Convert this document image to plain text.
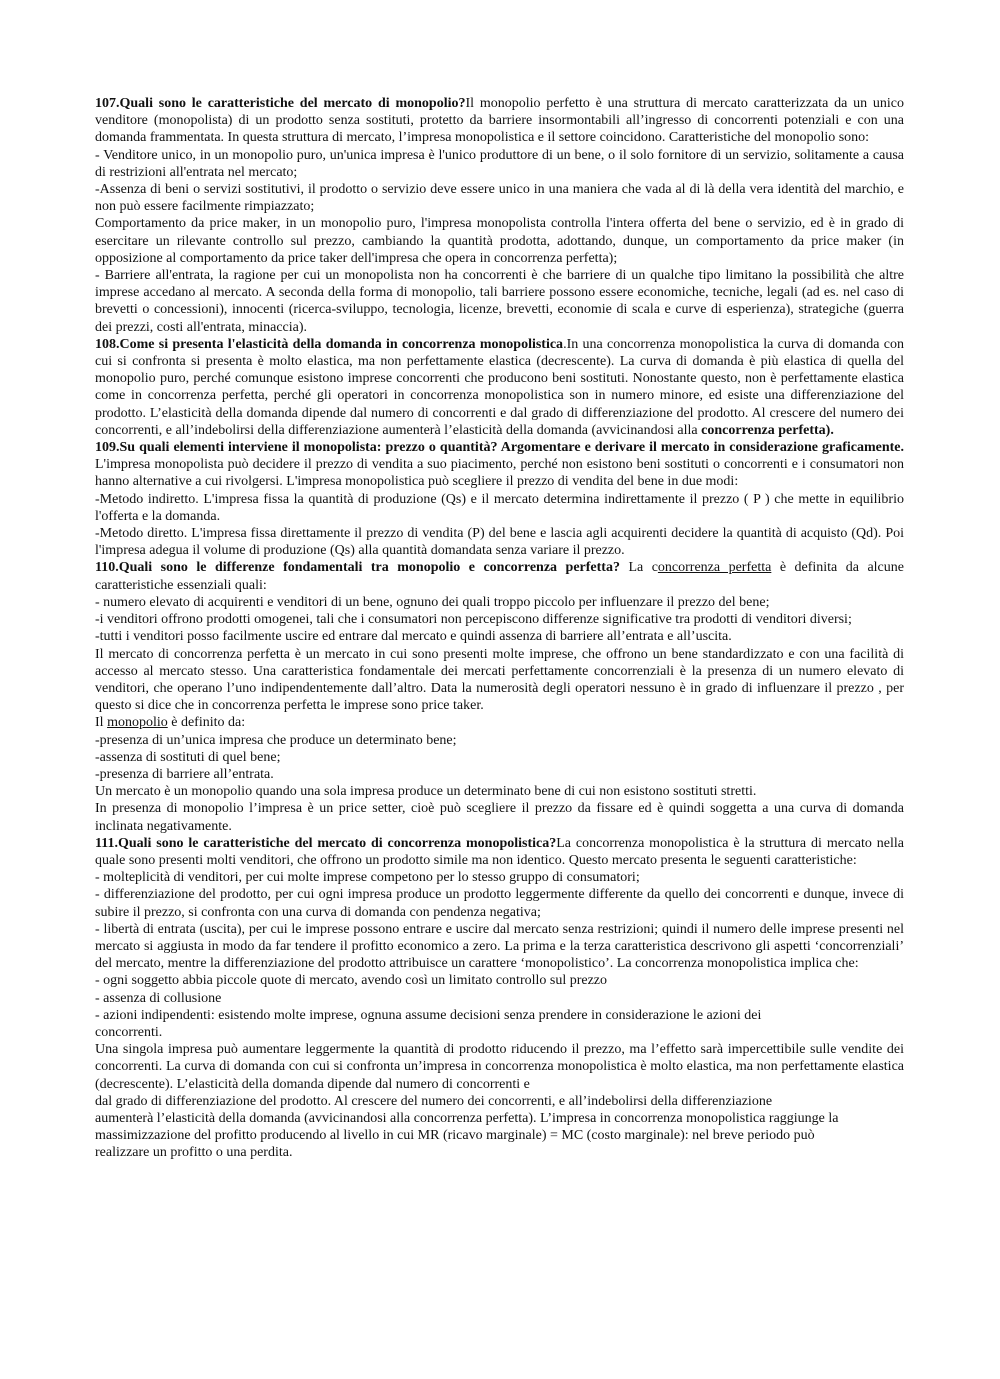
107.Quali sono le caratteristiche del mercato di monopolio?Il monopolio perfetto è una struttura di mercato caratterizzata da un unico venditore (monopolista) di un prodotto senza sostituti, protetto da barriere insormontabili all’ingresso di concorrenti potenziali e con una domanda frammentata. In questa struttura di mercato, l’impresa monopolistica e il settore coincidono. Caratteristiche del monopolio sono:

- Venditore unico, in un monopolio puro, un'unica impresa è l'unico produttore di un bene, o il solo fornitore di un servizio, solitamente a causa di restrizioni all'entrata nel mercato;

-Assenza di beni o servizi sostitutivi, il prodotto o servizio deve essere unico in una maniera che vada al di là della vera identità del marchio, e non può essere facilmente rimpiazzato;

Comportamento da price maker, in un monopolio puro, l'impresa monopolista controlla l'intera offerta del bene o servizio, ed è in grado di esercitare un rilevante controllo sul prezzo, cambiando la quantità prodotta, adottando, dunque, un comportamento da price maker (in opposizione al comportamento da price taker dell'impresa che opera in concorrenza perfetta);

- Barriere all'entrata, la ragione per cui un monopolista non ha concorrenti è che barriere di un qualche tipo limitano la possibilità che altre imprese accedano al mercato. A seconda della forma di monopolio, tali barriere possono essere economiche, tecniche, legali (ad es. nel caso di brevetti o concessioni), innocenti (ricerca-sviluppo, tecnologia, licenze, brevetti, economie di scala e curve di esperienza), strategiche (guerra dei prezzi, costi all'entrata, minaccia).

108.Come si presenta l'elasticità della domanda in concorrenza monopolistica.In una concorrenza monopolistica la curva di domanda con cui si confronta si presenta è molto elastica, ma non perfettamente elastica (decrescente). La curva di domanda è più elastica di quella del monopolio puro, perché comunque esistono imprese concorrenti che producono beni sostituti. Nonostante questo, non è perfettamente elastica come in concorrenza perfetta, perché gli operatori in concorrenza monopolistica son in numero minore, ed esiste una differenziazione del prodotto. L’elasticità della domanda dipende dal numero di concorrenti e dal grado di differenziazione del prodotto. Al crescere del numero dei concorrenti, e all’indebolirsi della differenziazione aumenterà l’elasticità della domanda (avvicinandosi alla concorrenza perfetta).

109.Su quali elementi interviene il monopolista: prezzo o quantità? Argomentare e derivare il mercato in considerazione graficamente. L'impresa monopolista può decidere il prezzo di vendita a suo piacimento, perché non esistono beni sostituti o concorrenti e i consumatori non hanno alternative a cui rivolgersi. L'impresa monopolistica può scegliere il prezzo di vendita del bene in due modi:

-Metodo indiretto. L'impresa fissa la quantità di produzione (Qs) e il mercato determina indirettamente il prezzo ( P ) che mette in equilibrio l'offerta e la domanda.

-Metodo diretto. L'impresa fissa direttamente il prezzo di vendita (P) del bene e lascia agli acquirenti decidere la quantità di acquisto (Qd). Poi l'impresa adegua il volume di produzione (Qs) alla quantità domandata senza variare il prezzo.

110.Quali sono le differenze fondamentali tra monopolio e concorrenza perfetta? La concorrenza perfetta è definita da alcune caratteristiche essenziali quali:

- numero elevato di acquirenti e venditori di un bene, ognuno dei quali troppo piccolo per influenzare il prezzo del bene;

-i venditori offrono prodotti omogenei, tali che i consumatori non percepiscono differenze significative tra prodotti di venditori diversi;

-tutti i venditori posso facilmente uscire ed entrare dal mercato e quindi assenza di barriere all’entrata e all’uscita.

Il mercato di concorrenza perfetta è un mercato in cui sono presenti molte imprese, che offrono un bene standardizzato e con una facilità di accesso al mercato stesso. Una caratteristica fondamentale dei mercati perfettamente concorrenziali è la presenza di un numero elevato di venditori, che operano l’uno indipendentemente dall’altro. Data la numerosità degli operatori nessuno è in grado di influenzare il prezzo , per questo si dice che in concorrenza perfetta le imprese sono price taker.

Il monopolio è definito da:

-presenza di un’unica impresa che produce un determinato bene;

-assenza di sostituti di quel bene;

-presenza di barriere all’entrata.

Un mercato è un monopolio quando una sola impresa produce un determinato bene di cui non esistono sostituti stretti.

In presenza di monopolio l’impresa è un price setter, cioè può scegliere il prezzo da fissare ed è quindi soggetta a una curva di domanda inclinata negativamente.

111.Quali sono le caratteristiche del mercato di concorrenza monopolistica?La concorrenza monopolistica è la struttura di mercato nella quale sono presenti molti venditori, che offrono un prodotto simile ma non identico. Questo mercato presenta le seguenti caratteristiche:

- molteplicità di venditori, per cui molte imprese competono per lo stesso gruppo di consumatori;

- differenziazione del prodotto, per cui ogni impresa produce un prodotto leggermente differente da quello dei concorrenti e dunque, invece di subire il prezzo, si confronta con una curva di domanda con pendenza negativa;

- libertà di entrata (uscita), per cui le imprese possono entrare e uscire dal mercato senza restrizioni; quindi il numero delle imprese presenti nel mercato si aggiusta in modo da far tendere il profitto economico a zero. La prima e la terza caratteristica descrivono gli aspetti ‘concorrenziali’ del mercato, mentre la differenziazione del prodotto attribuisce un carattere ‘monopolistico’. La concorrenza monopolistica implica che:

- ogni soggetto abbia piccole quote di mercato, avendo così un limitato controllo sul prezzo

- assenza di collusione

- azioni indipendenti: esistendo molte imprese, ognuna assume decisioni senza prendere in considerazione le azioni dei

concorrenti.

Una singola impresa può aumentare leggermente la quantità di prodotto riducendo il prezzo, ma l’effetto sarà impercettibile sulle vendite dei concorrenti. La curva di domanda con cui si confronta un’impresa in concorrenza monopolistica è molto elastica, ma non perfettamente elastica (decrescente). L’elasticità della domanda dipende dal numero di concorrenti e

dal grado di differenziazione del prodotto. Al crescere del numero dei concorrenti, e all’indebolirsi della differenziazione

aumenterà l’elasticità della domanda (avvicinandosi alla concorrenza perfetta). L’impresa in concorrenza monopolistica raggiunge la

massimizzazione del profitto producendo al livello in cui MR (ricavo marginale) = MC (costo marginale): nel breve periodo può

realizzare un profitto o una perdita.
